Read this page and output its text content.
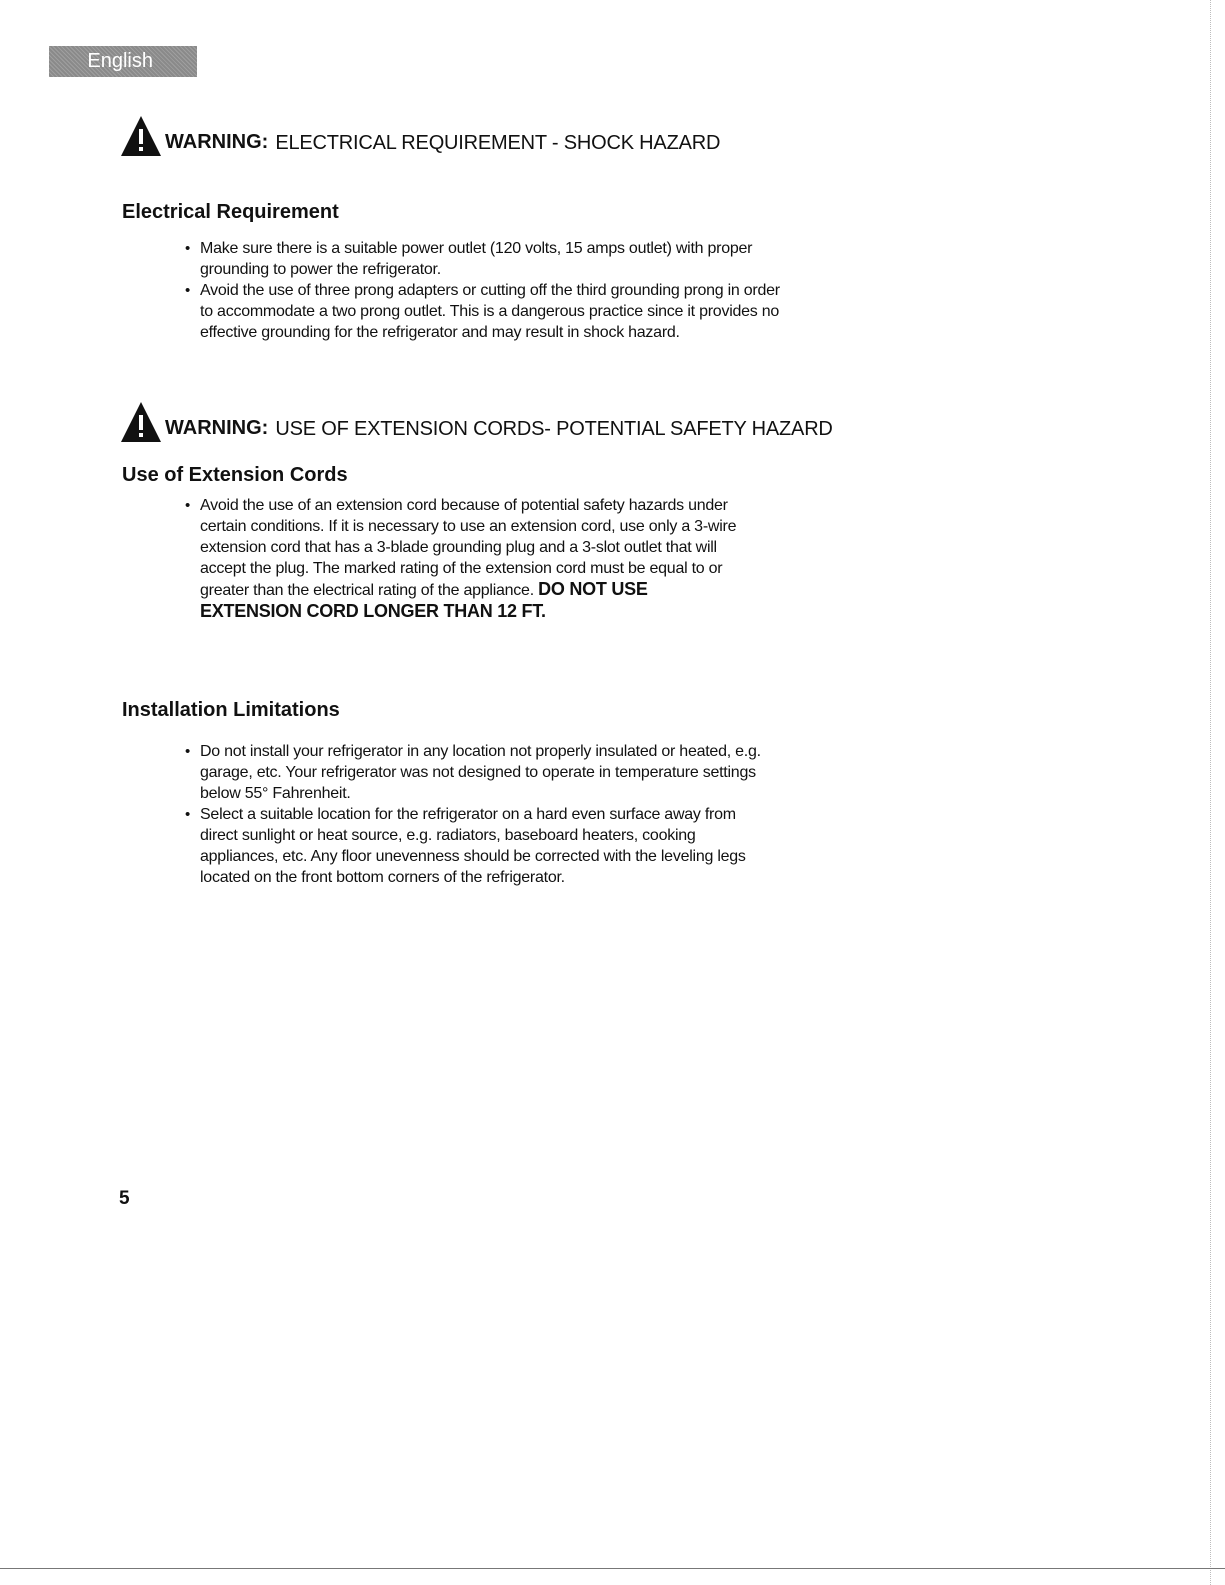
English
WARNING: ELECTRICAL REQUIREMENT - SHOCK HAZARD
Electrical Requirement
• Make sure there is a suitable power outlet (120 volts, 15 amps outlet) with proper grounding to power the refrigerator.
• Avoid the use of three prong adapters or cutting off the third grounding prong in order to accommodate a two prong outlet. This is a dangerous practice since it provides no effective grounding for the refrigerator and may result in shock hazard.
WARNING: USE OF EXTENSION CORDS- POTENTIAL SAFETY HAZARD
Use of Extension Cords
• Avoid the use of an extension cord because of potential safety hazards under certain conditions. If it is necessary to use an extension cord, use only a 3-wire extension cord that has a 3-blade grounding plug and a 3-slot outlet that will accept the plug. The marked rating of the extension cord must be equal to or greater than the electrical rating of the appliance. DO NOT USE EXTENSION CORD LONGER THAN 12 FT.
Installation Limitations
• Do not install your refrigerator in any location not properly insulated or heated, e.g. garage, etc. Your refrigerator was not designed to operate in temperature settings below 55° Fahrenheit.
• Select a suitable location for the refrigerator on a hard even surface away from direct sunlight or heat source, e.g. radiators, baseboard heaters, cooking appliances, etc. Any floor unevenness should be corrected with the leveling legs located on the front bottom corners of the refrigerator.
5
